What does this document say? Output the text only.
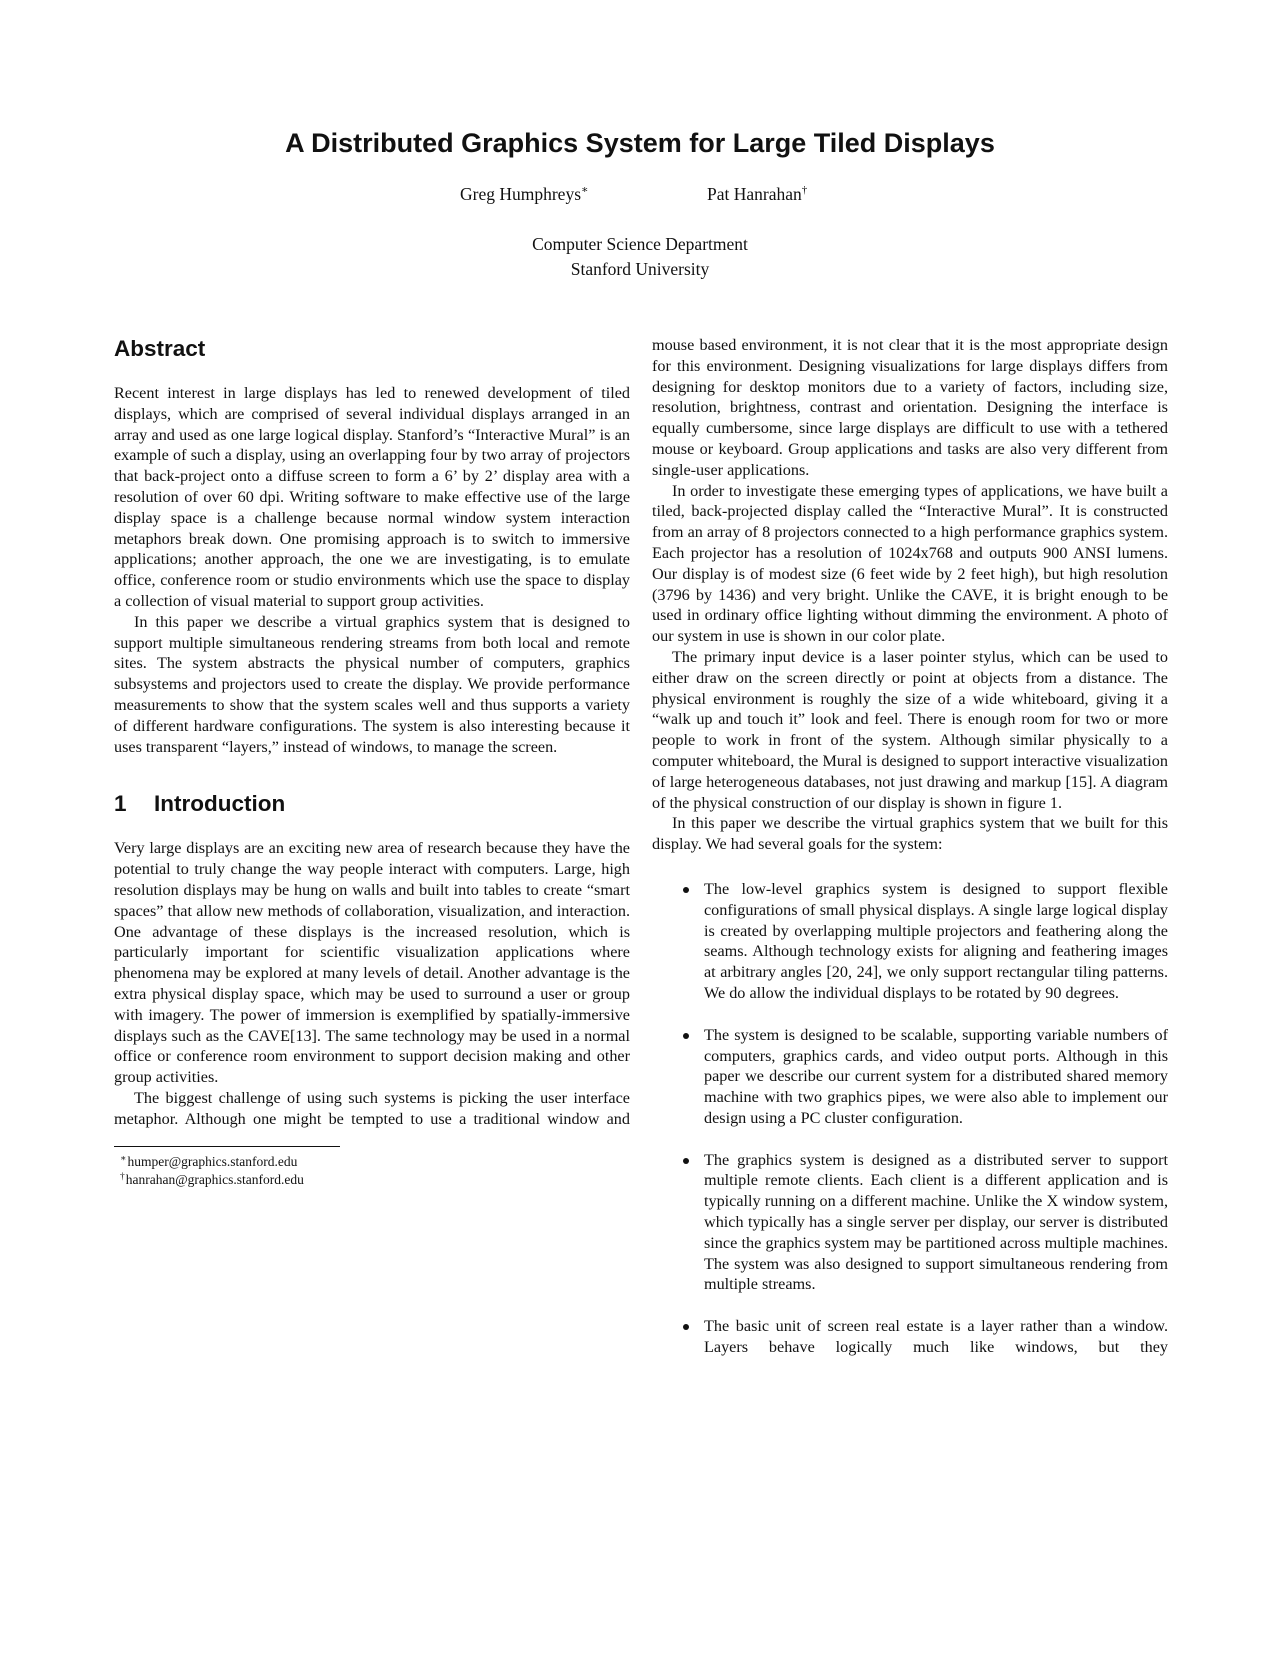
A Distributed Graphics System for Large Tiled Displays
Greg Humphreys∗	Pat Hanrahan†
Computer Science Department
Stanford University
Abstract

Recent interest in large displays has led to renewed development of tiled displays, which are comprised of several individual displays arranged in an array and used as one large logical display. Stanford’s “Interactive Mural” is an example of such a display, using an overlapping four by two array of projectors that back-project onto a diffuse screen to form a 6’ by 2’ display area with a resolution of over 60 dpi. Writing software to make effective use of the large display space is a challenge because normal window system interaction metaphors break down. One promising approach is to switch to immersive applications; another approach, the one we are investigating, is to emulate office, conference room or studio environments which use the space to display a collection of visual material to support group activities.

In this paper we describe a virtual graphics system that is designed to support multiple simultaneous rendering streams from both local and remote sites. The system abstracts the physical number of computers, graphics subsystems and projectors used to create the display. We provide performance measurements to show that the system scales well and thus supports a variety of different hardware configurations. The system is also interesting because it uses transparent “layers,” instead of windows, to manage the screen.

1 Introduction

Very large displays are an exciting new area of research because they have the potential to truly change the way people interact with computers. Large, high resolution displays may be hung on walls and built into tables to create “smart spaces” that allow new methods of collaboration, visualization, and interaction. One advantage of these displays is the increased resolution, which is particularly important for scientific visualization applications where phenomena may be explored at many levels of detail. Another advantage is the extra physical display space, which may be used to surround a user or group with imagery. The power of immersion is exemplified by spatially-immersive displays such as the CAVE[13]. The same technology may be used in a normal office or conference room environment to support decision making and other group activities.

The biggest challenge of using such systems is picking the user interface metaphor. Although one might be tempted to use a traditional window and

∗humper@graphics.stanford.edu
†hanrahan@graphics.stanford.edu

mouse based environment, it is not clear that it is the most appropriate design for this environment. Designing visualizations for large displays differs from designing for desktop monitors due to a variety of factors, including size, resolution, brightness, contrast and orientation. Designing the interface is equally cumbersome, since large displays are difficult to use with a tethered mouse or keyboard. Group applications and tasks are also very different from single-user applications.

In order to investigate these emerging types of applications, we have built a tiled, back-projected display called the “Interactive Mural”. It is constructed from an array of 8 projectors connected to a high performance graphics system. Each projector has a resolution of 1024x768 and outputs 900 ANSI lumens. Our display is of modest size (6 feet wide by 2 feet high), but high resolution (3796 by 1436) and very bright. Unlike the CAVE, it is bright enough to be used in ordinary office lighting without dimming the environment. A photo of our system in use is shown in our color plate.

The primary input device is a laser pointer stylus, which can be used to either draw on the screen directly or point at objects from a distance. The physical environment is roughly the size of a wide whiteboard, giving it a “walk up and touch it” look and feel. There is enough room for two or more people to work in front of the system. Although similar physically to a computer whiteboard, the Mural is designed to support interactive visualization of large heterogeneous databases, not just drawing and markup [15]. A diagram of the physical construction of our display is shown in figure 1.

In this paper we describe the virtual graphics system that we built for this display. We had several goals for the system:

The low-level graphics system is designed to support flexible configurations of small physical displays. A single large logical display is created by overlapping multiple projectors and feathering along the seams. Although technology exists for aligning and feathering images at arbitrary angles [20, 24], we only support rectangular tiling patterns. We do allow the individual displays to be rotated by 90 degrees.
The system is designed to be scalable, supporting variable numbers of computers, graphics cards, and video output ports. Although in this paper we describe our current system for a distributed shared memory machine with two graphics pipes, we were also able to implement our design using a PC cluster configuration.
The graphics system is designed as a distributed server to support multiple remote clients. Each client is a different application and is typically running on a different machine. Unlike the X window system, which typically has a single server per display, our server is distributed since the graphics system may be partitioned across multiple machines. The system was also designed to support simultaneous rendering from multiple streams.
The basic unit of screen real estate is a layer rather than a window. Layers behave logically much like windows, but they
